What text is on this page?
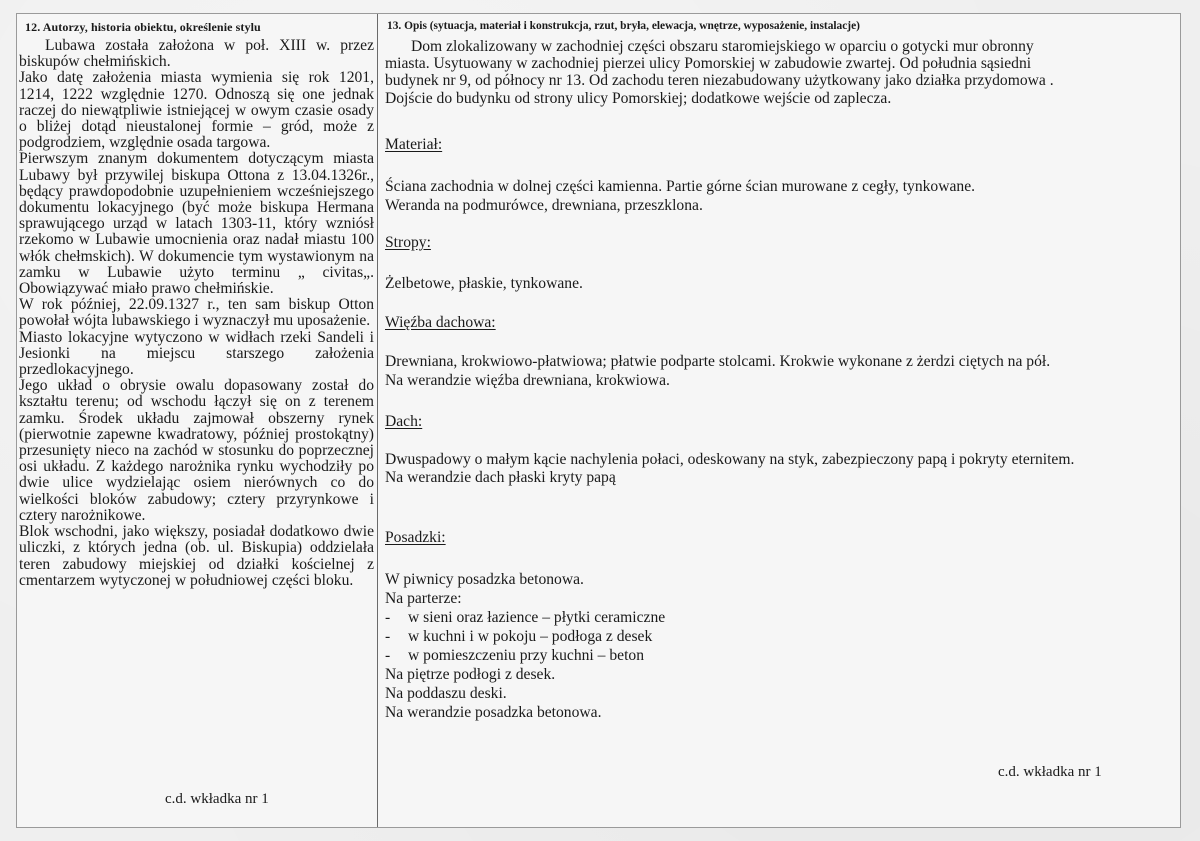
12. Autorzy, historia obiektu, określenie stylu

Lubawa została założona w poł. XIII w. przez biskupów chełmińskich.

Jako datę założenia miasta wymienia się rok 1201, 1214, 1222 względnie 1270. Odnoszą się one jednak raczej do niewątpliwie istniejącej w owym czasie osady o bliżej dotąd nieustalonej formie – gród, może z podgrodziem, względnie osada targowa.

Pierwszym znanym dokumentem dotyczącym miasta Lubawy był przywilej biskupa Ottona z 13.04.1326r., będący prawdopodobnie uzupełnieniem wcześniejszego dokumentu lokacyjnego (być może biskupa Hermana sprawującego urząd w latach 1303-11, który wzniósł rzekomo w Lubawie umocnienia oraz nadał miastu 100 włók chełmskich). W dokumencie tym wystawionym na zamku w Lubawie użyto terminu „ civitas„. Obowiązywać miało prawo chełmińskie.

W rok później, 22.09.1327 r., ten sam biskup Otton powołał wójta lubawskiego i wyznaczył mu uposażenie.

Miasto lokacyjne wytyczono w widłach rzeki Sandeli i Jesionki na miejscu starszego założenia przedlokacyjnego.

Jego układ o obrysie owalu dopasowany został do kształtu terenu; od wschodu łączył się on z terenem zamku. Środek układu zajmował obszerny rynek (pierwotnie zapewne kwadratowy, później prostokątny) przesunięty nieco na zachód w stosunku do poprzecznej osi układu. Z każdego narożnika rynku wychodziły po dwie ulice wydzielając osiem nierównych co do wielkości bloków zabudowy; cztery przyrynkowe i cztery narożnikowe.

Blok wschodni, jako większy, posiadał dodatkowo dwie uliczki, z których jedna (ob. ul. Biskupia) oddzielała teren zabudowy miejskiej od działki kościelnej z cmentarzem wytyczonej w południowej części bloku.

c.d. wkładka nr 1
13. Opis (sytuacja, materiał i konstrukcja, rzut, bryła, elewacja, wnętrze, wyposażenie, instalacje)
Dom zlokalizowany w zachodniej części obszaru staromiejskiego w oparciu o gotycki mur obronny
miasta. Usytuowany w zachodniej pierzei ulicy Pomorskiej w zabudowie zwartej. Od południa sąsiedni
budynek nr 9, od północy nr 13. Od zachodu teren niezabudowany użytkowany jako działka przydomowa .
Dojście do budynku od strony ulicy Pomorskiej; dodatkowe wejście od zaplecza.
Materiał:
Ściana zachodnia w dolnej części kamienna. Partie górne ścian murowane z cegły, tynkowane.
Weranda na podmurówce, drewniana, przeszklona.
Stropy:
Żelbetowe, płaskie, tynkowane.
Więźba dachowa:
Drewniana, krokwiowo-płatwiowa; płatwie podparte stolcami. Krokwie wykonane z żerdzi ciętych na pół.
Na werandzie więźba drewniana, krokwiowa.
Dach:
Dwuspadowy o małym kącie nachylenia połaci, odeskowany na styk, zabezpieczony papą i pokryty eternitem.
Na werandzie dach płaski kryty papą
Posadzki:
W piwnicy posadzka betonowa.
Na parterze:
-	w sieni oraz łazience – płytki ceramiczne
-	w kuchni i w pokoju – podłoga z desek
-	w pomieszczeniu przy kuchni – beton
Na piętrze podłogi z desek.
Na poddaszu deski.
Na werandzie posadzka betonowa.
c.d. wkładka nr 1
